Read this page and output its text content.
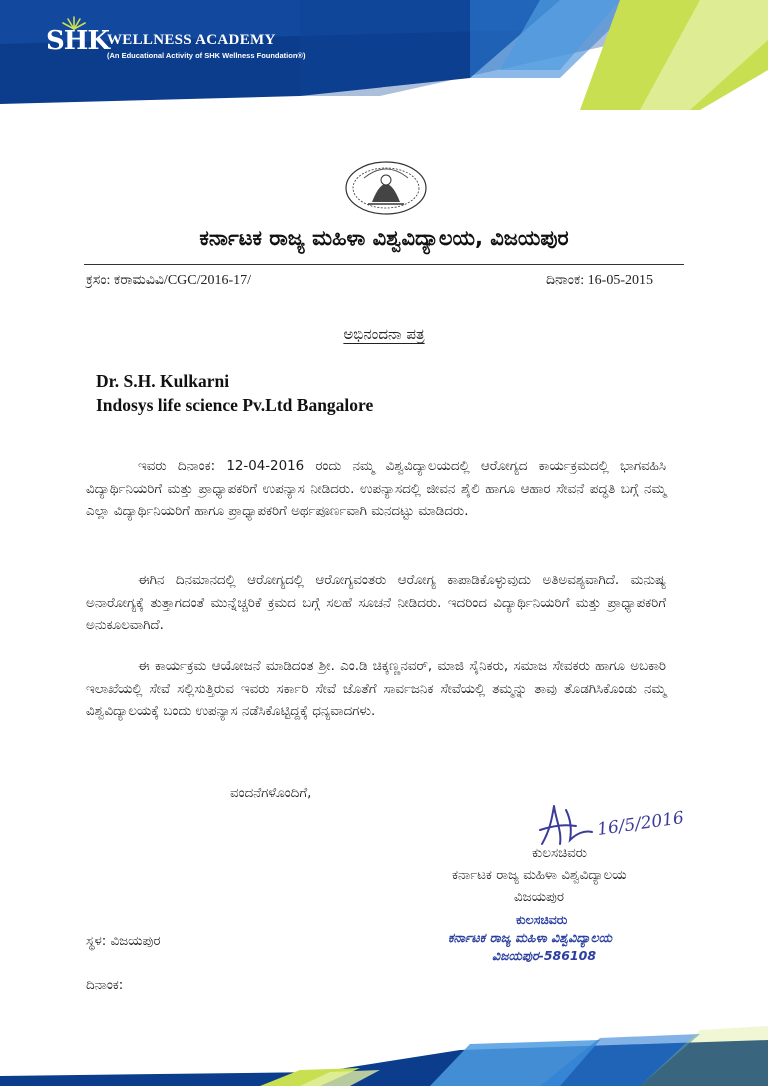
SHK
WELLNESS ACADEMY
(An Educational Activity of SHK Wellness Foundation®)
ಕರ್ನಾಟಕ ರಾಜ್ಯ ಮಹಿಳಾ ವಿಶ್ವವಿದ್ಯಾಲಯ, ವಿಜಯಪುರ
ಕ್ರಸಂ: ಕರಾಮವಿವಿ/CGC/2016-17/	ದಿನಾಂಕ: 16-05-2015
ಅಭಿನಂದನಾ ಪತ್ರ
Dr. S.H. Kulkarni
Indosys life science Pv.Ltd Bangalore

ಇವರು ದಿನಾಂಕ: 12-04-2016 ರಂದು ನಮ್ಮ ವಿಶ್ವವಿದ್ಯಾಲಯದಲ್ಲಿ ಆರೋಗ್ಯದ ಕಾರ್ಯಕ್ರಮದಲ್ಲಿ ಭಾಗವಹಿಸಿ ವಿದ್ಯಾರ್ಥಿನಿಯರಿಗೆ ಮತ್ತು ಪ್ರಾಧ್ಯಾಪಕರಿಗೆ ಉಪನ್ಯಾಸ ನೀಡಿದರು. ಉಪನ್ಯಾಸದಲ್ಲಿ ಜೀವನ ಶೈಲಿ ಹಾಗೂ ಆಹಾರ ಸೇವನೆ ಪದ್ಧತಿ ಬಗ್ಗೆ ನಮ್ಮ ಎಲ್ಲಾ ವಿದ್ಯಾರ್ಥಿನಿಯರಿಗೆ ಹಾಗೂ ಪ್ರಾಧ್ಯಾಪಕರಿಗೆ ಅರ್ಥಪೂರ್ಣವಾಗಿ ಮನದಟ್ಟು ಮಾಡಿದರು.

ಈಗಿನ ದಿನಮಾನದಲ್ಲಿ ಆರೋಗ್ಯದಲ್ಲಿ ಆರೋಗ್ಯವಂತರು ಆರೋಗ್ಯ ಕಾಪಾಡಿಕೊಳ್ಳುವುದು ಅತಿಅವಶ್ಯವಾಗಿದೆ. ಮನುಷ್ಯ ಅನಾರೋಗ್ಯಕ್ಕೆ ತುತ್ತಾಗದಂತೆ ಮುನ್ನೆಚ್ಚರಿಕೆ ಕ್ರಮದ ಬಗ್ಗೆ ಸಲಹೆ ಸೂಚನೆ ನೀಡಿದರು. ಇದರಿಂದ ವಿದ್ಯಾರ್ಥಿನಿಯರಿಗೆ ಮತ್ತು ಪ್ರಾಧ್ಯಾಪಕರಿಗೆ ಅನುಕೂಲವಾಗಿದೆ.

ಈ ಕಾರ್ಯಕ್ರಮ ಆಯೋಜನೆ ಮಾಡಿದಂತ ಶ್ರೀ. ಎಂ.ಡಿ ಚಿಕ್ಕಣ್ಣನವರ್, ಮಾಜಿ ಸೈನಿಕರು, ಸಮಾಜ ಸೇವಕರು ಹಾಗೂ ಅಬಕಾರಿ ಇಲಾಖೆಯಲ್ಲಿ ಸೇವೆ ಸಲ್ಲಿಸುತ್ತಿರುವ ಇವರು ಸರ್ಕಾರಿ ಸೇವೆ ಜೊತೆಗೆ ಸಾರ್ವಜನಿಕ ಸೇವೆಯಲ್ಲಿ ತಮ್ಮನ್ನು ತಾವು ತೊಡಗಿಸಿಕೊಂಡು ನಮ್ಮ ವಿಶ್ವವಿದ್ಯಾಲಯಕ್ಕೆ ಬಂದು ಉಪನ್ಯಾಸ ನಡೆಸಿಕೊಟ್ಟಿದ್ದಕ್ಕೆ ಧನ್ಯವಾದಗಳು.

ವಂದನೆಗಳೊಂದಿಗೆ,
16/5/2016
ಕುಲಸಚಿವರು
ಕರ್ನಾಟಕ ರಾಜ್ಯ ಮಹಿಳಾ ವಿಶ್ವವಿದ್ಯಾಲಯ
ವಿಜಯಪುರ
ಕುಲಸಚಿವರು
ಕರ್ನಾಟಕ ರಾಜ್ಯ ಮಹಿಳಾ ವಿಶ್ವವಿದ್ಯಾಲಯ
ವಿಜಯಪುರ-586108
ಸ್ಥಳ: ವಿಜಯಪುರ
ದಿನಾಂಕ:
